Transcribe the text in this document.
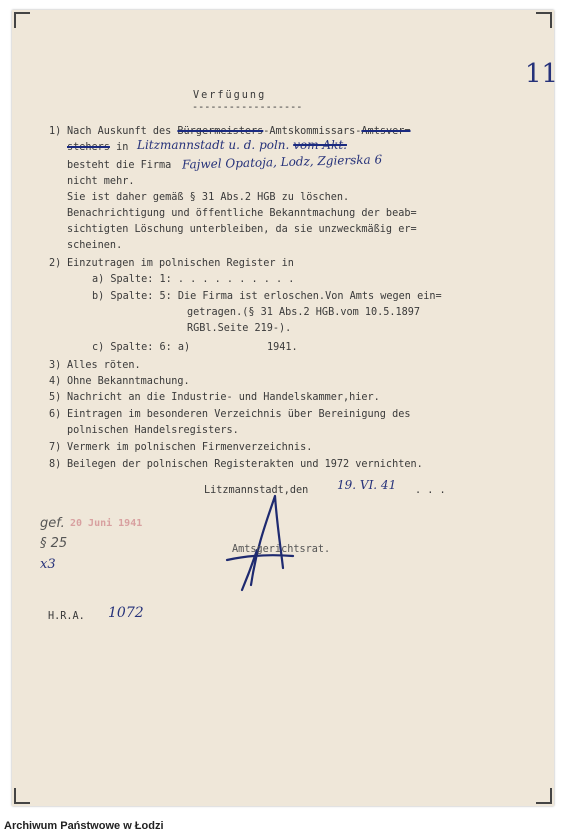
11
Verfügung
------------------
1) Nach Auskunft des Bürgermeisters-Amtskommissars-Amtsver=
stehers in Litzmannstadt u. d. poln. vom Akt.
besteht die Firma Fajwel Opatoja, Lodz, Zgierska 6
nicht mehr.
Sie ist daher gemäß § 31 Abs.2 HGB zu löschen.
Benachrichtigung und öffentliche Bekanntmachung der beab=
sichtigten Löschung unterbleiben, da sie unzweckmäßig er=
scheinen.
2) Einzutragen im polnischen Register in
a) Spalte: 1: . . . . . . . . . .
b) Spalte: 5: Die Firma ist erloschen.Von Amts wegen ein=
getragen.(§ 31 Abs.2 HGB.vom 10.5.1897
RGBl.Seite 219-).
c) Spalte: 6: a)	1941.
3) Alles röten.
4) Ohne Bekanntmachung.
5) Nachricht an die Industrie- und Handelskammer,hier.
6) Eintragen im besonderen Verzeichnis über Bereinigung des
polnischen Handelsregisters.
7) Vermerk im polnischen Firmenverzeichnis.
8) Beilegen der polnischen Registerakten und 1972 vernichten.
Litzmannstadt,den 19. VI. 41 . . .
Amtsgerichtsrat.
gef. 20 Juni 1941
§ 25
x3
H.R.A. 1072
Archiwum Państwowe w Łodzi
